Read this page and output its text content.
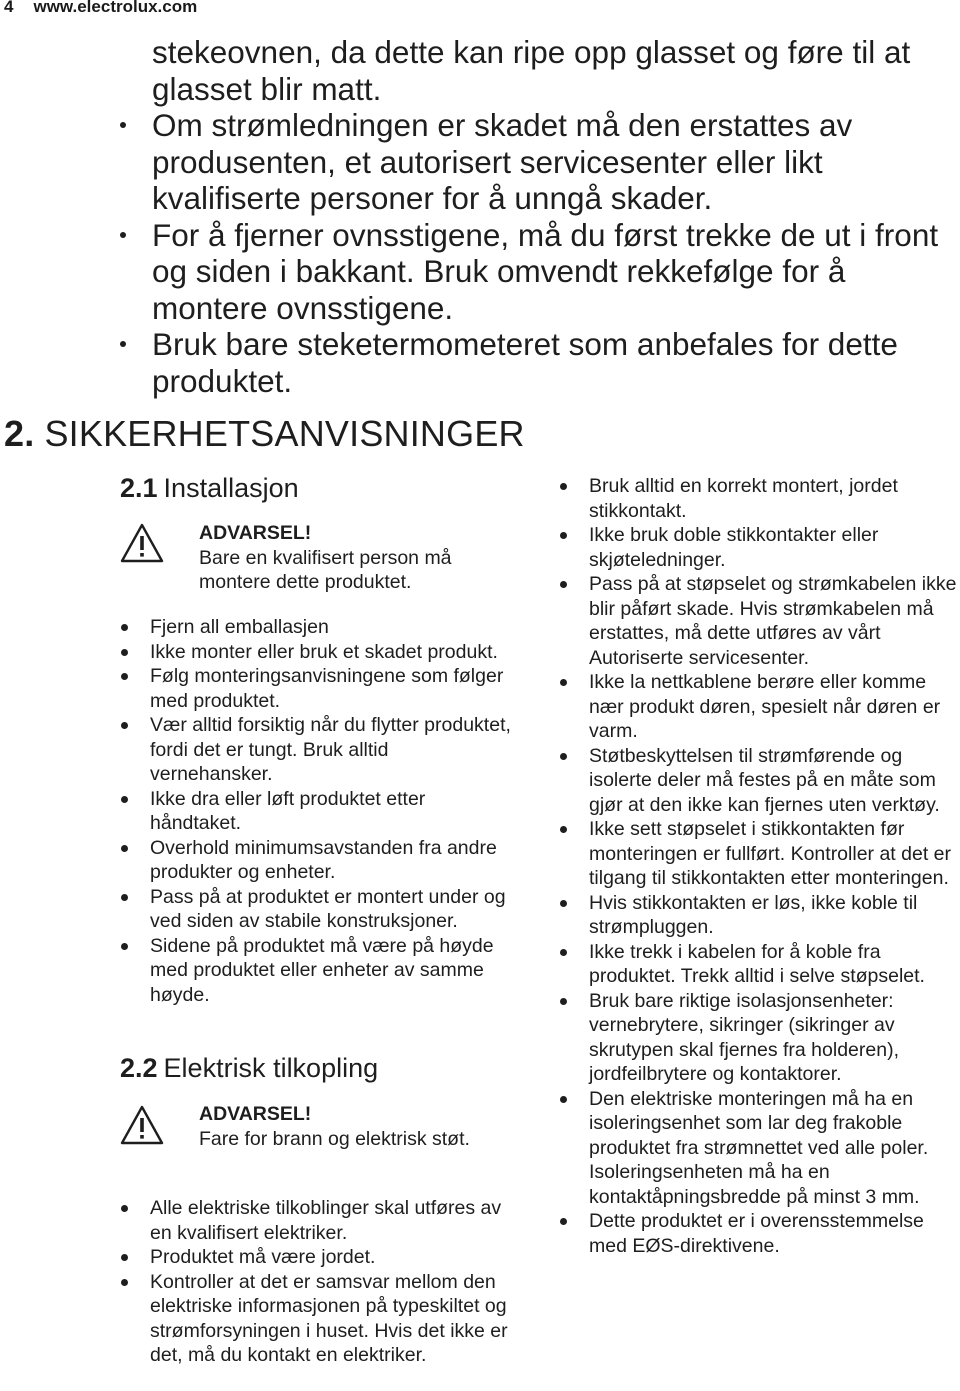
4 www.electrolux.com
stekeovnen, da dette kan ripe opp glasset og føre til at glasset blir matt.
Om strømledningen er skadet må den erstattes av produsenten, et autorisert servicesenter eller likt kvalifiserte personer for å unngå skader.
For å fjerner ovnsstigene, må du først trekke de ut i front og siden i bakkant. Bruk omvendt rekkefølge for å montere ovnsstigene.
Bruk bare steketermometeret som anbefales for dette produktet.
2. SIKKERHETSANVISNINGER
2.1 Installasjon
ADVARSEL!
Bare en kvalifisert person må montere dette produktet.
Fjern all emballasjen
Ikke monter eller bruk et skadet produkt.
Følg monteringsanvisningene som følger med produktet.
Vær alltid forsiktig når du flytter produktet, fordi det er tungt. Bruk alltid vernehansker.
Ikke dra eller løft produktet etter håndtaket.
Overhold minimumsavstanden fra andre produkter og enheter.
Pass på at produktet er montert under og ved siden av stabile konstruksjoner.
Sidene på produktet må være på høyde med produktet eller enheter av samme høyde.
2.2 Elektrisk tilkopling
ADVARSEL!
Fare for brann og elektrisk støt.
Alle elektriske tilkoblinger skal utføres av en kvalifisert elektriker.
Produktet må være jordet.
Kontroller at det er samsvar mellom den elektriske informasjonen på typeskiltet og strømforsyningen i huset. Hvis det ikke er det, må du kontakt en elektriker.
Bruk alltid en korrekt montert, jordet stikkontakt.
Ikke bruk doble stikkontakter eller skjøteledninger.
Pass på at støpselet og strømkabelen ikke blir påført skade. Hvis strømkabelen må erstattes, må dette utføres av vårt Autoriserte servicesenter.
Ikke la nettkablene berøre eller komme nær produkt døren, spesielt når døren er varm.
Støtbeskyttelsen til strømførende og isolerte deler må festes på en måte som gjør at den ikke kan fjernes uten verktøy.
Ikke sett støpselet i stikkontakten før monteringen er fullført. Kontroller at det er tilgang til stikkontakten etter monteringen.
Hvis stikkontakten er løs, ikke koble til strømpluggen.
Ikke trekk i kabelen for å koble fra produktet. Trekk alltid i selve støpselet.
Bruk bare riktige isolasjonsenheter: vernebrytere, sikringer (sikringer av skrutypen skal fjernes fra holderen), jordfeilbrytere og kontaktorer.
Den elektriske monteringen må ha en isoleringsenhet som lar deg frakoble produktet fra strømnettet ved alle poler. Isoleringsenheten må ha en kontaktåpningsbredde på minst 3 mm.
Dette produktet er i overensstemmelse med EØS-direktivene.
